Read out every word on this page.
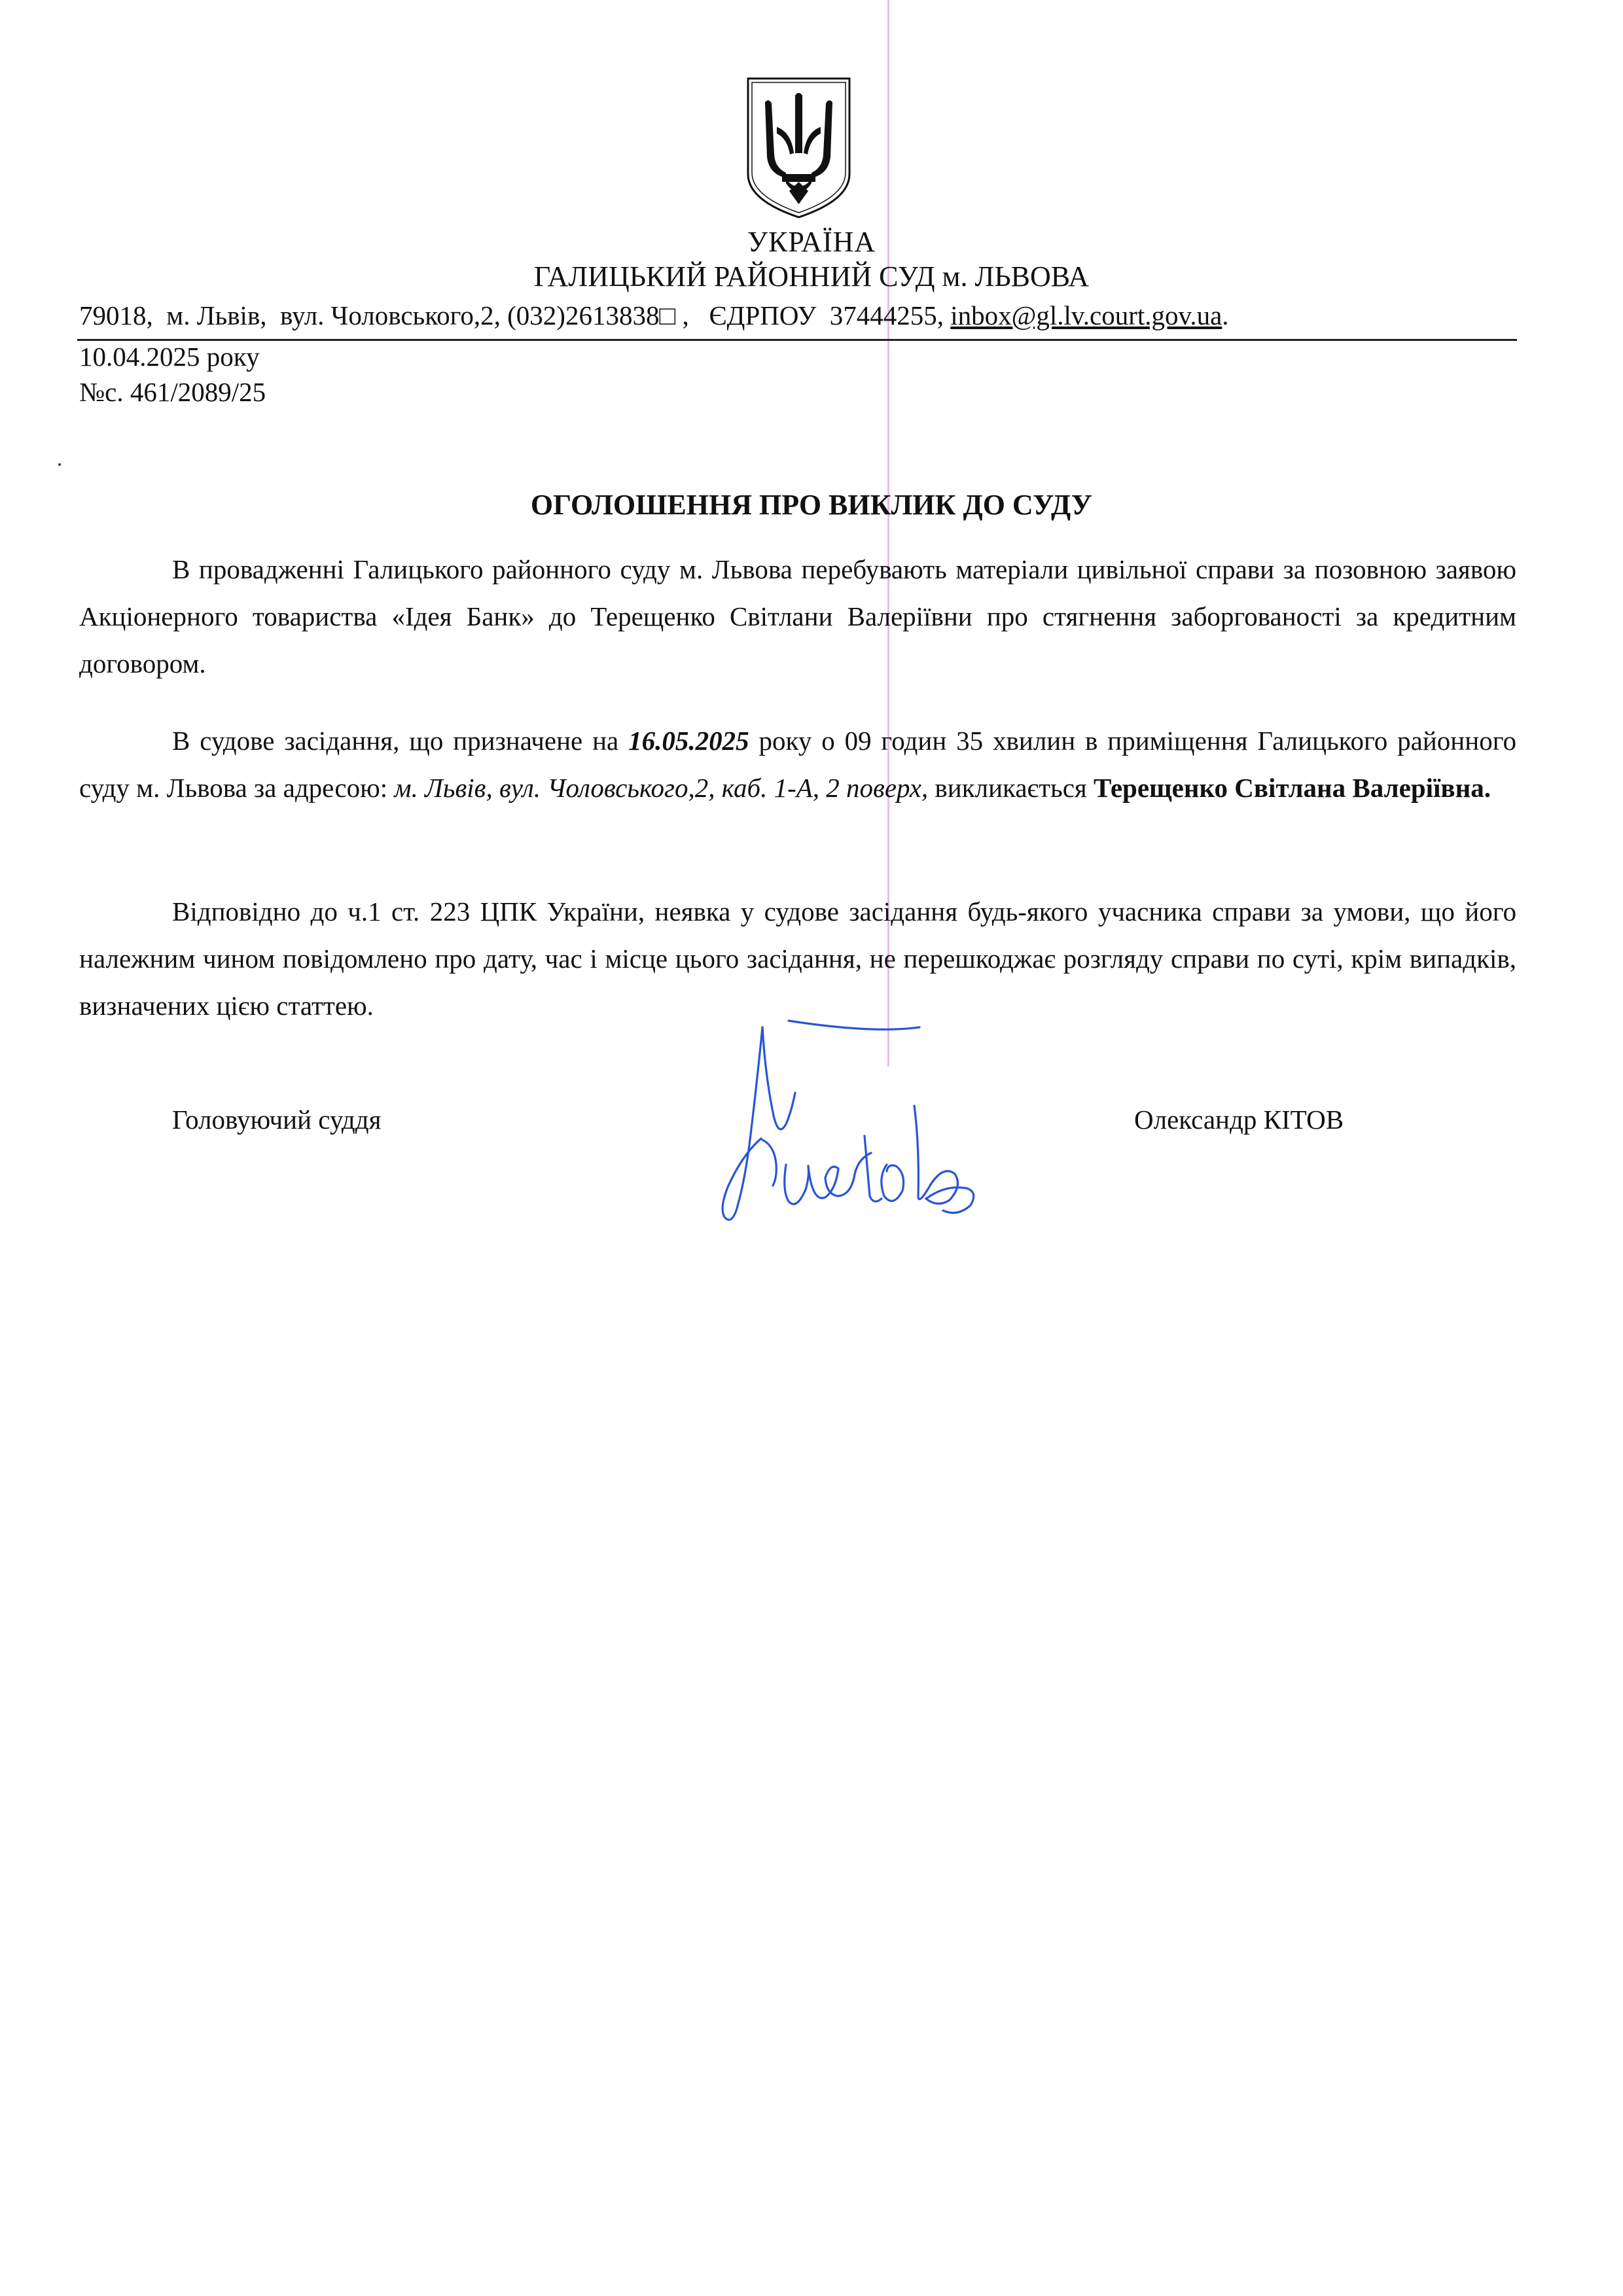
УКРАЇНА
ГАЛИЦЬКИЙ РАЙОННИЙ СУД м. ЛЬВОВА
79018,  м. Львів,  вул. Чоловського,2, (032)2613838□ ,   ЄДРПОУ  37444255, inbox@gl.lv.court.gov.ua.
10.04.2025 року
№с. 461/2089/25
ОГОЛОШЕННЯ ПРО ВИКЛИК ДО СУДУ
В провадженні Галицького районного суду м. Львова перебувають матеріали цивільної справи за позовною заявою Акціонерного товариства «Ідея Банк» до Терещенко Світлани Валеріївни про стягнення заборгованості за кредитним договором.
В судове засідання, що призначене на 16.05.2025 року о 09 годин 35 хвилин в приміщення Галицького районного суду м. Львова за адресою: м. Львів, вул. Чоловського,2, каб. 1-А, 2 поверх, викликається Терещенко Світлана Валеріївна.
Відповідно до ч.1 ст. 223 ЦПК України, неявка у судове засідання будь-якого учасника справи за умови, що його належним чином повідомлено про дату, час і місце цього засідання, не перешкоджає розгляду справи по суті, крім випадків, визначених цією статтею.
Головуючий суддя	Олександр КІТОВ
